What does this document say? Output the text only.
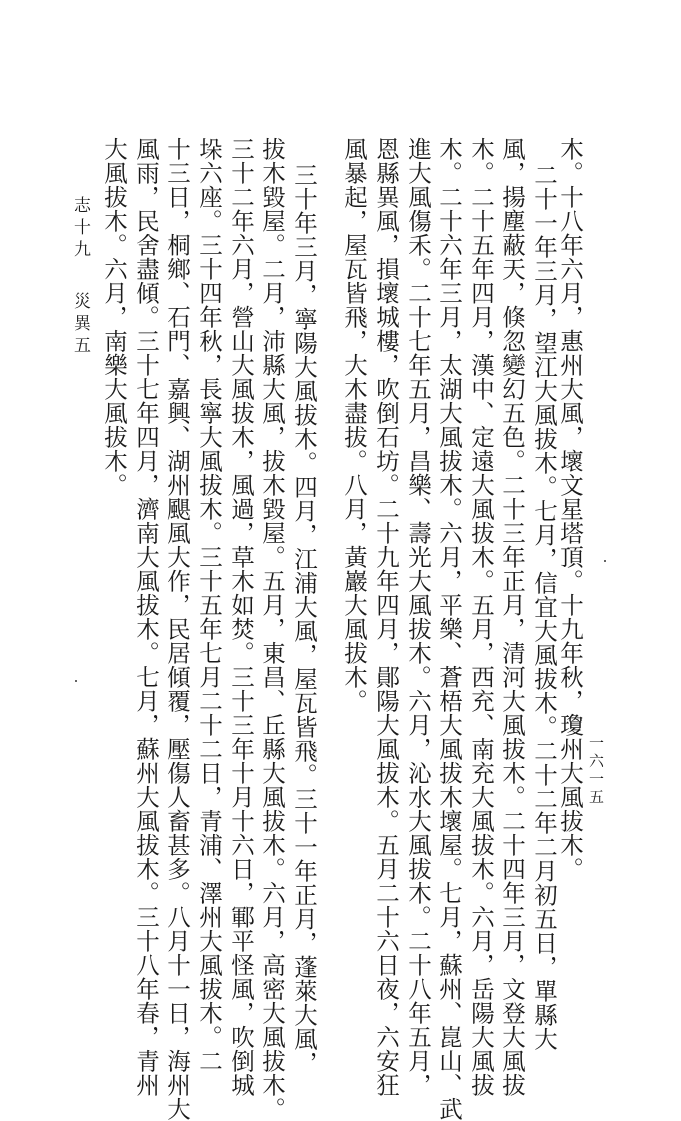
木。十八年六月，惠州大風，壞文星塔頂。十九年秋，瓊州大風拔木。
二十一年三月，望江大風拔木。七月，信宜大風拔木。二十二年二月初五日，單縣大
風，揚塵蔽天，倏忽變幻五色。二十三年正月，清河大風拔木。二十四年三月，文登大風拔
木。二十五年四月，漢中、定遠大風拔木。五月，西充、南充大風拔木。六月，岳陽大風拔
木。二十六年三月，太湖大風拔木。六月，平樂、蒼梧大風拔木壞屋。七月，蘇州、崑山、武
進大風傷禾。二十七年五月，昌樂、壽光大風拔木。六月，沁水大風拔木。二十八年五月，
恩縣異風，損壞城樓，吹倒石坊。二十九年四月，鄖陽大風拔木。五月二十六日夜，六安狂
風暴起，屋瓦皆飛，大木盡拔。八月，黃巖大風拔木。
三十年三月，寧陽大風拔木。四月，江浦大風，屋瓦皆飛。三十一年正月，蓬萊大風，
拔木毀屋。二月，沛縣大風，拔木毀屋。五月，東昌、丘縣大風拔木。六月，高密大風拔木。
三十二年六月，營山大風拔木，風過，草木如焚。三十三年十月十六日，鄆平怪風，吹倒城
垛六座。三十四年秋，長寧大風拔木。三十五年七月二十二日，青浦、澤州大風拔木。二
十三日，桐鄉、石門、嘉興、湖州颶風大作，民居傾覆，壓傷人畜甚多。八月十一日，海州大
風雨，民舍盡傾。三十七年四月，濟南大風拔木。七月，蘇州大風拔木。三十八年春，青州
大風拔木。六月，南樂大風拔木。
志十九
災異五
一六一五
